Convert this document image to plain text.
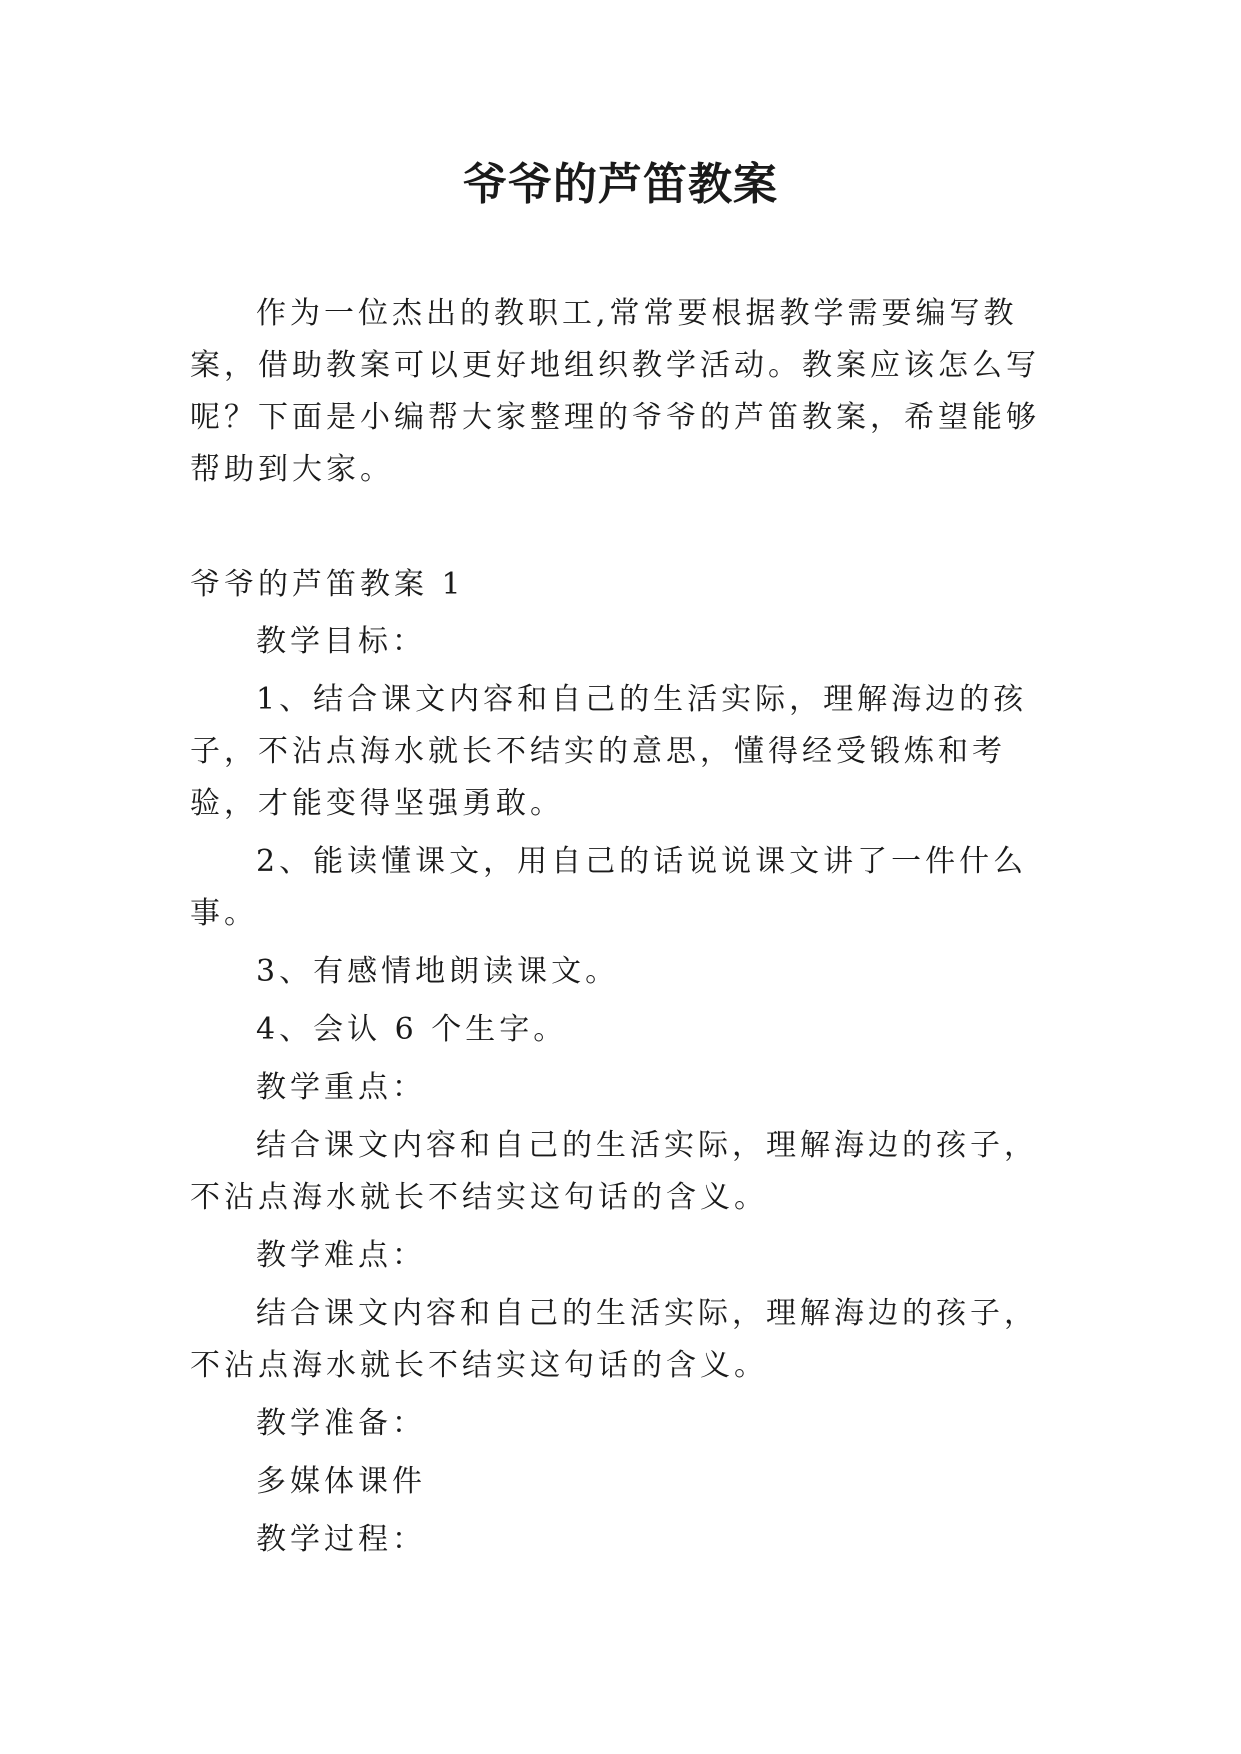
爷爷的芦笛教案

作为一位杰出的教职工,常常要根据教学需要编写教案，借助教案可以更好地组织教学活动。教案应该怎么写呢？下面是小编帮大家整理的爷爷的芦笛教案，希望能够帮助到大家。

爷爷的芦笛教案 1

教学目标：

1、结合课文内容和自己的生活实际，理解海边的孩子，不沾点海水就长不结实的意思，懂得经受锻炼和考验，才能变得坚强勇敢。

2、能读懂课文，用自己的话说说课文讲了一件什么事。

3、有感情地朗读课文。

4、会认 6 个生字。

教学重点：

结合课文内容和自己的生活实际，理解海边的孩子，不沾点海水就长不结实这句话的含义。

教学难点：

结合课文内容和自己的生活实际，理解海边的孩子，不沾点海水就长不结实这句话的含义。

教学准备：

多媒体课件

教学过程：
